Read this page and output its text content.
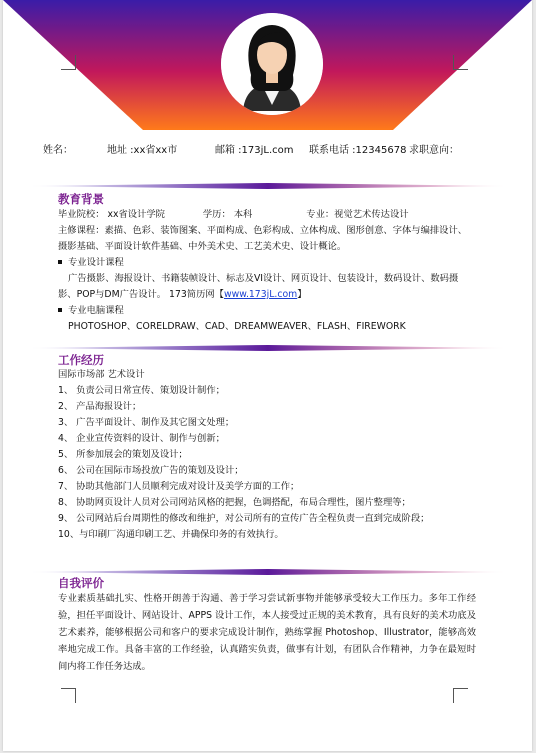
姓名：	地址 :xx省xx市	邮箱 :173jL.com 联系电话 :12345678 求职意向：
教育背景
毕业院校： xx省设计学院	学历： 本科	专业：视觉艺术传达设计
主修课程：素描、色彩、装饰图案、平面构成、色彩构成、立体构成、图形创意、字体与编排设计、
摄影基础、平面设计软件基础、中外美术史、工艺美术史、设计概论。
专业设计课程
广告摄影、海报设计、书籍装帧设计、标志及VI设计、网页设计、包装设计，数码设计、数码摄
影、POP与DM广告设计。 173简历网【www.173jL.com】
专业电脑课程
PHOTOSHOP、CORELDRAW、CAD、DREAMWEAVER、FLASH、FIREWORK
工作经历
国际市场部 艺术设计
1、 负责公司日常宣传、策划设计制作；
2、 产品海报设计；
3、 广告平面设计、制作及其它图文处理；
4、 企业宣传资料的设计、制作与创新；
5、 所参加展会的策划及设计；
6、 公司在国际市场投放广告的策划及设计；
7、 协助其他部门人员顺利完成对设计及美学方面的工作；
8、 协助网页设计人员对公司网站风格的把握，色调搭配，布局合理性，图片整理等；
9、 公司网站后台周期性的修改和维护，对公司所有的宣传广告全程负责一直到完成阶段；
10、与印刷厂沟通印刷工艺、并确保印务的有效执行。
自我评价

专业素质基础扎实、性格开朗善于沟通、善于学习尝试新事物并能够承受较大工作压力。多年工作经验，担任平面设计、网站设计、APPS 设计工作，本人接受过正规的美术教育，具有良好的美术功底及艺术素养，能够根据公司和客户的要求完成设计制作，熟练掌握 Photoshop、Illustrator，能够高效率地完成工作。具备丰富的工作经验，认真踏实负责，做事有计划，有团队合作精神，力争在最短时间内将工作任务达成。
